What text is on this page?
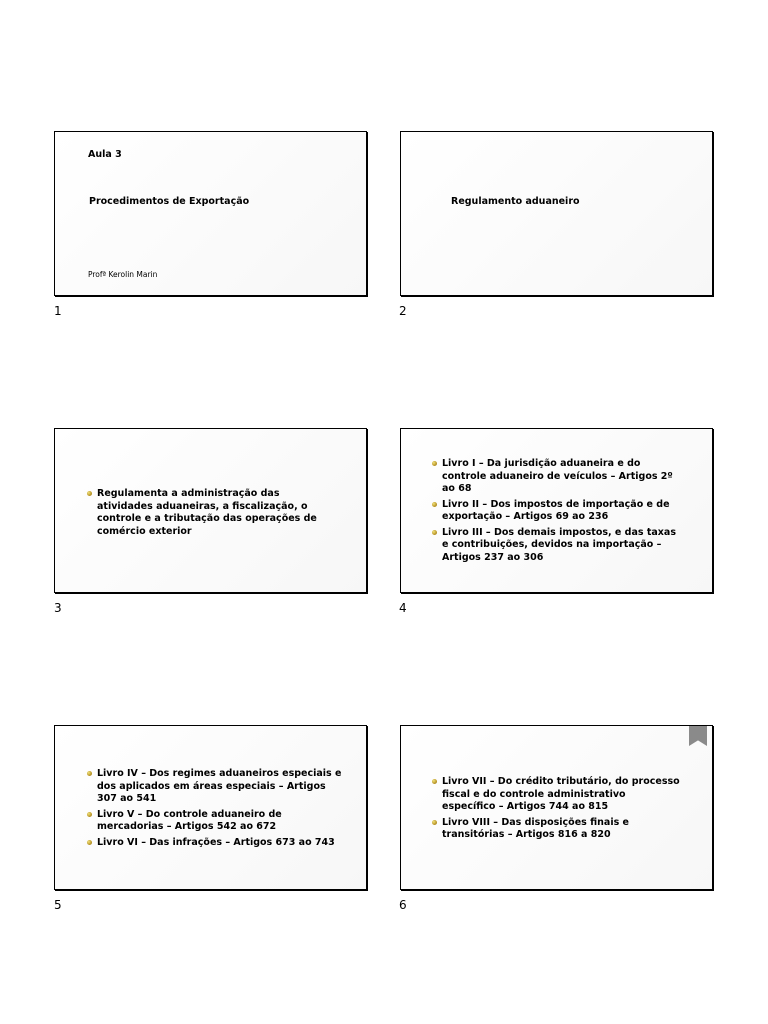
Aula 3
Procedimentos de Exportação
Profª Kerolin Marin
1
Regulamento aduaneiro
2
Regulamenta a administração das atividades aduaneiras, a fiscalização, o controle e a tributação das operações de comércio exterior
3
Livro I – Da jurisdição aduaneira e do controle aduaneiro de veículos – Artigos 2º ao 68
Livro II – Dos impostos de importação e de exportação – Artigos 69 ao 236
Livro III – Dos demais impostos, e das taxas e contribuições, devidos na importação – Artigos 237 ao 306
4
Livro IV – Dos regimes aduaneiros especiais e dos aplicados em áreas especiais – Artigos 307 ao 541
Livro V – Do controle aduaneiro de mercadorias – Artigos 542 ao 672
Livro VI – Das infrações – Artigos 673 ao 743
5
Livro VII – Do crédito tributário, do processo fiscal e do controle administrativo específico – Artigos 744 ao 815
Livro VIII – Das disposições finais e transitórias – Artigos 816 a 820
6
